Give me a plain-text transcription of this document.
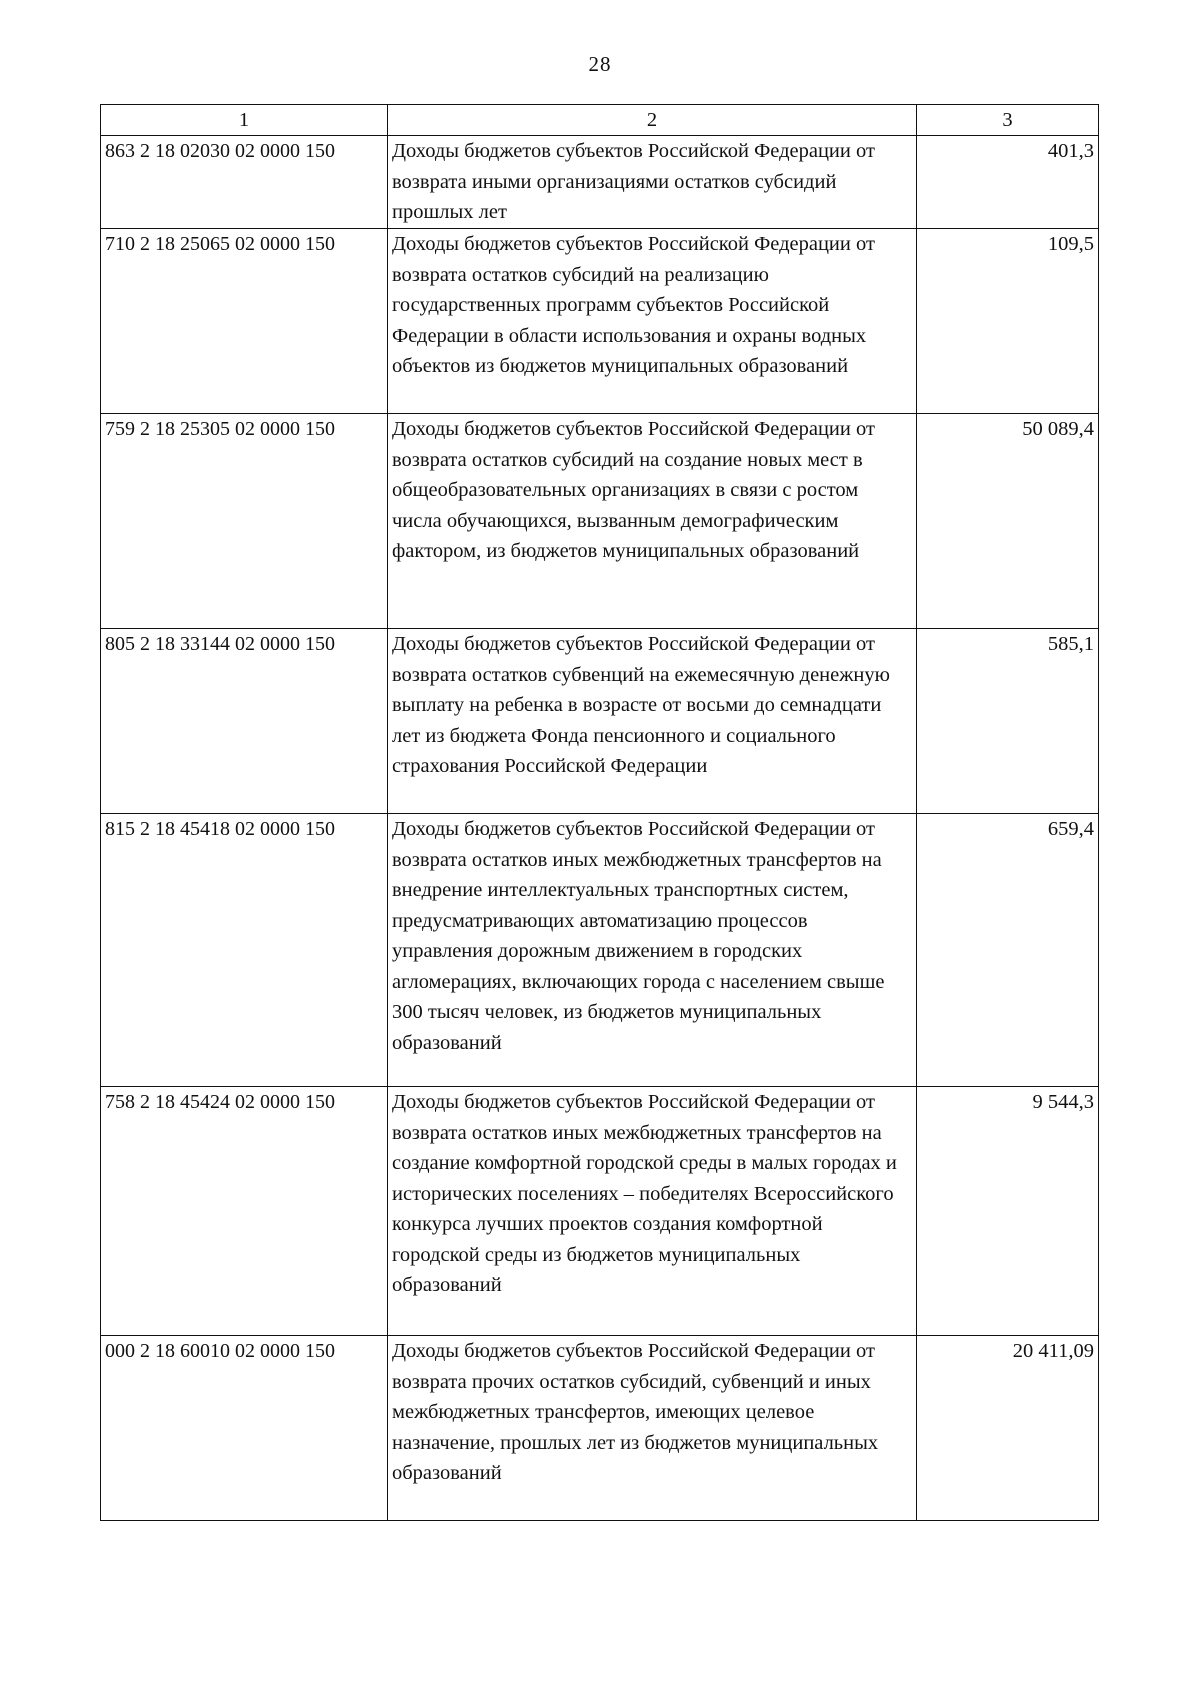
28
1	2	3
863 2 18 02030 02 0000 150	Доходы бюджетов субъектов Российской Федерации от возврата иными организациями остатков субсидий прошлых лет	401,3
710 2 18 25065 02 0000 150	Доходы бюджетов субъектов Российской Федерации от возврата остатков субсидий на реализацию государственных программ субъектов Российской Федерации в области использования и охраны водных объектов из бюджетов муниципальных образований	109,5
759 2 18 25305 02 0000 150	Доходы бюджетов субъектов Российской Федерации от возврата остатков субсидий на создание новых мест в общеобразовательных организациях в связи с ростом числа обучающихся, вызванным демографическим фактором, из бюджетов муниципальных образований	50 089,4
805 2 18 33144 02 0000 150	Доходы бюджетов субъектов Российской Федерации от возврата остатков субвенций на ежемесячную денежную выплату на ребенка в возрасте от восьми до семнадцати лет из бюджета Фонда пенсионного и социального страхования Российской Федерации	585,1
815 2 18 45418 02 0000 150	Доходы бюджетов субъектов Российской Федерации от возврата остатков иных межбюджетных трансфертов на внедрение интеллектуальных транспортных систем, предусматривающих автоматизацию процессов управления дорожным движением в городских агломерациях, включающих города с населением свыше 300 тысяч человек, из бюджетов муниципальных образований	659,4
758 2 18 45424 02 0000 150	Доходы бюджетов субъектов Российской Федерации от возврата остатков иных межбюджетных трансфертов на создание комфортной городской среды в малых городах и исторических поселениях – победителях Всероссийского конкурса лучших проектов создания комфортной городской среды из бюджетов муниципальных образований	9 544,3
000 2 18 60010 02 0000 150	Доходы бюджетов субъектов Российской Федерации от возврата прочих остатков субсидий, субвенций и иных межбюджетных трансфертов, имеющих целевое назначение, прошлых лет из бюджетов муниципальных образований	20 411,09
